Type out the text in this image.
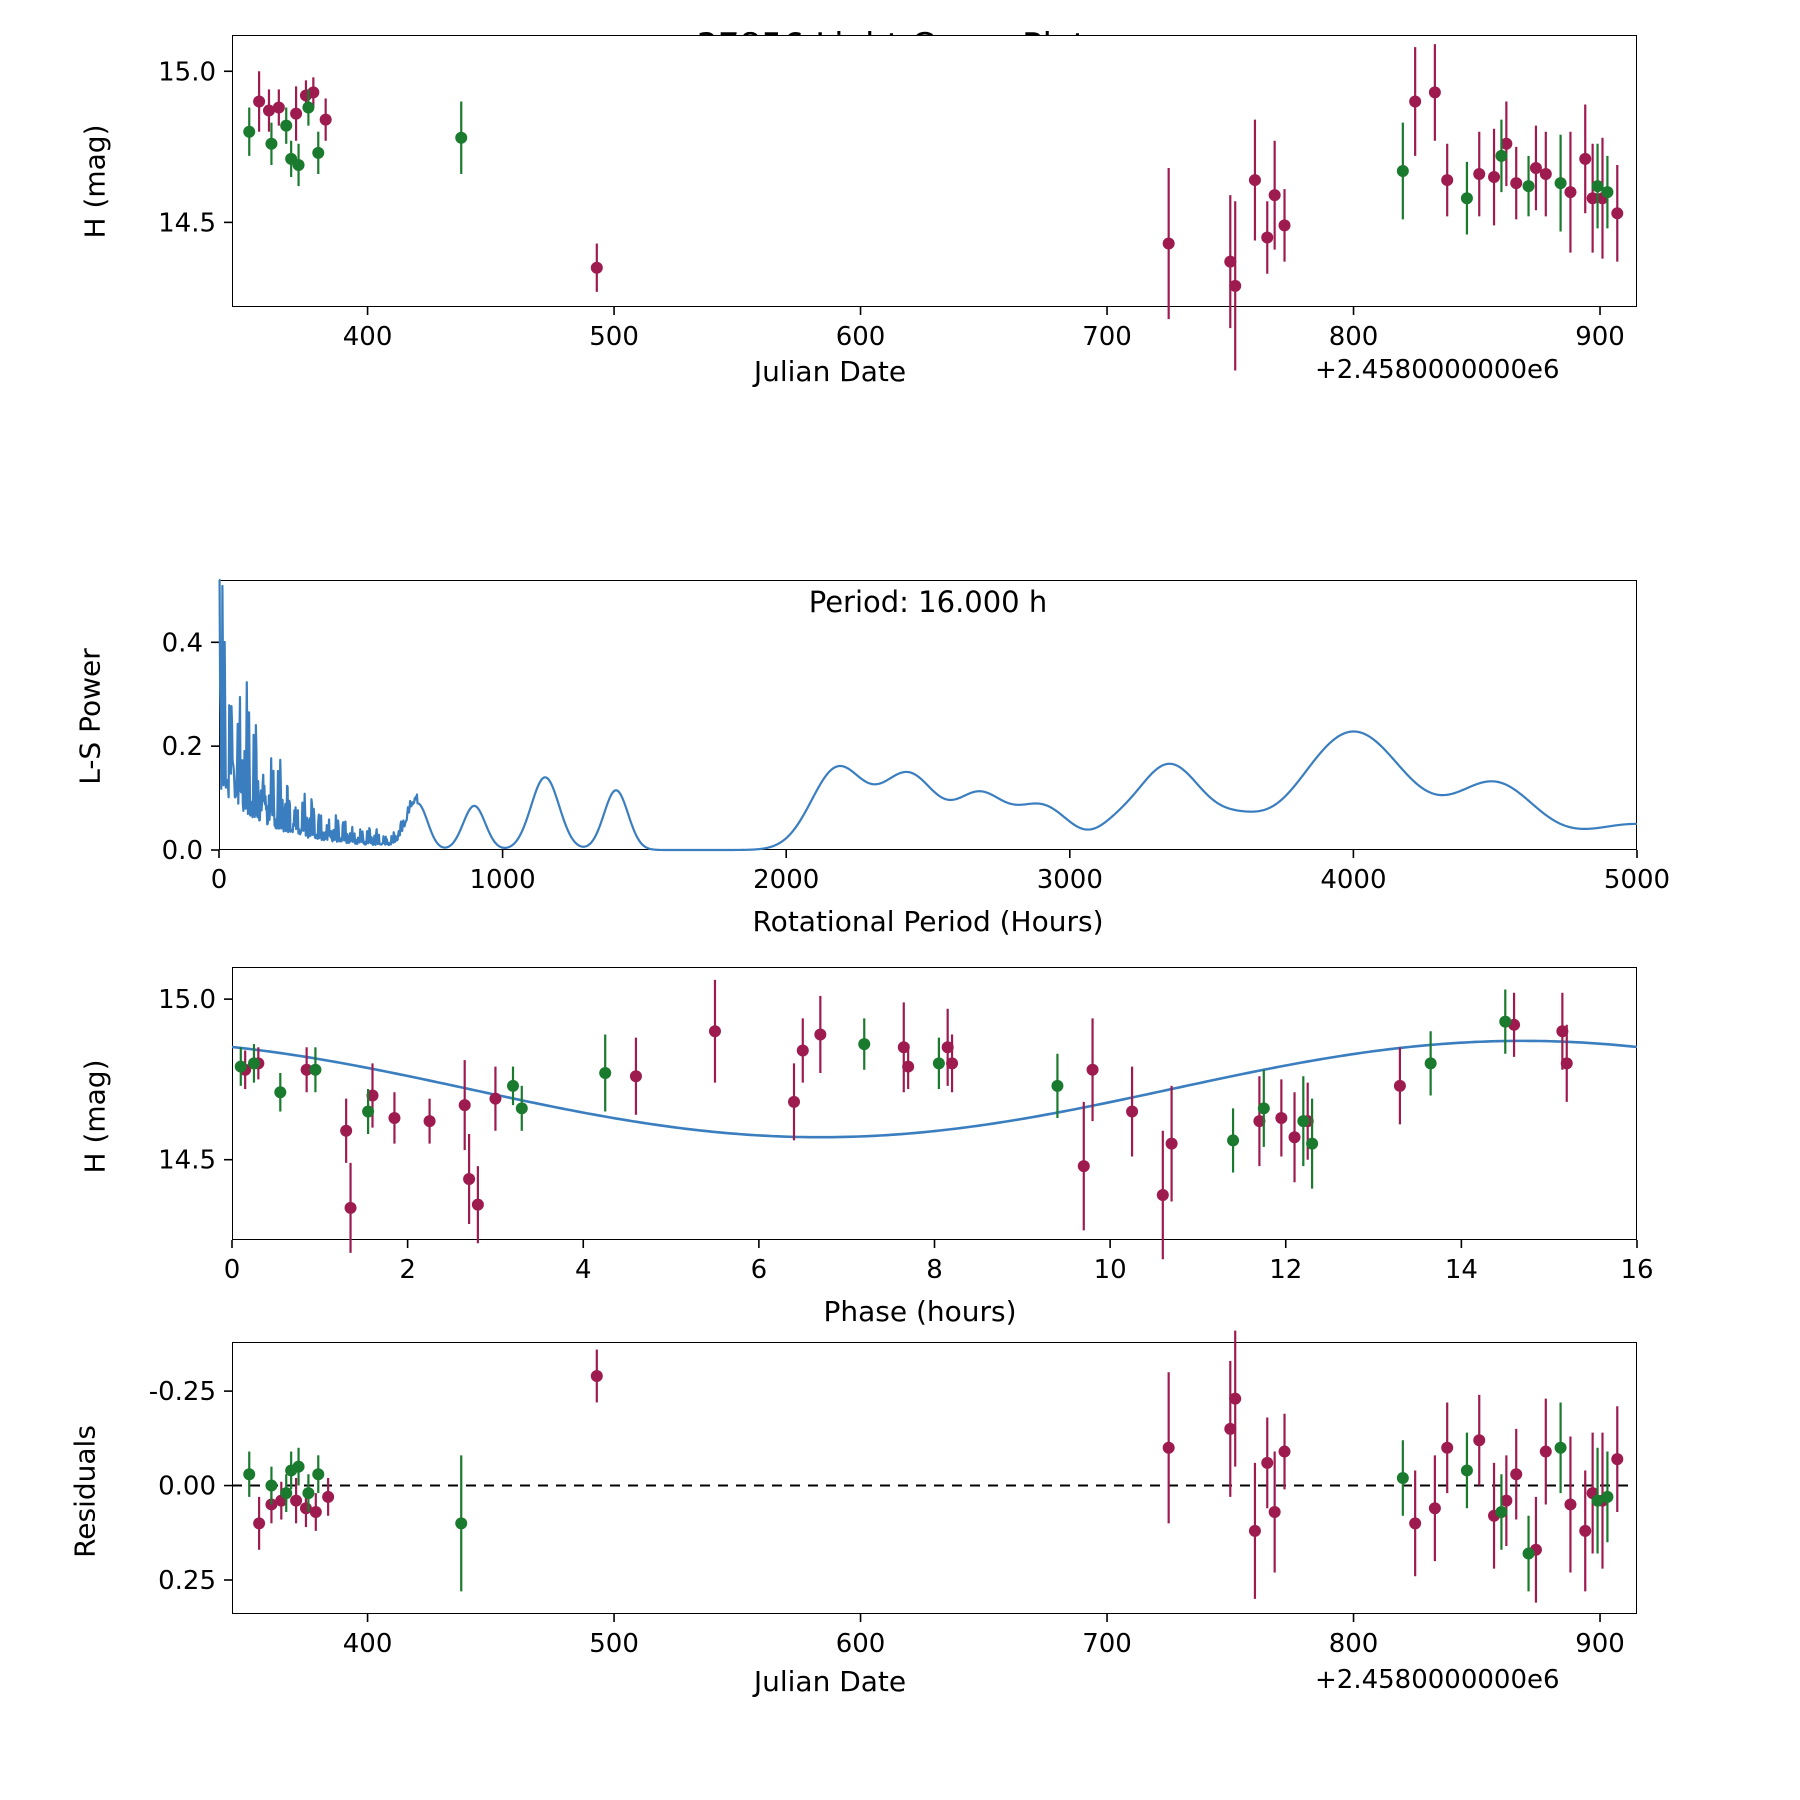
400	500	600	700	800	900
15.0
14.5
H (mag)
Julian Date	+2.4580000000e6
0	1000	2000	3000	4000	5000
0.0
0.2
0.4
L-S Power
Rotational Period (Hours)
Period: 16.000 h
0	2	4	6	8	10	12	14	16
15.0
14.5
H (mag)
Phase (hours)
400	500	600	700	800	900
0.25
0.00
-0.25
Residuals
Julian Date	+2.4580000000e6
